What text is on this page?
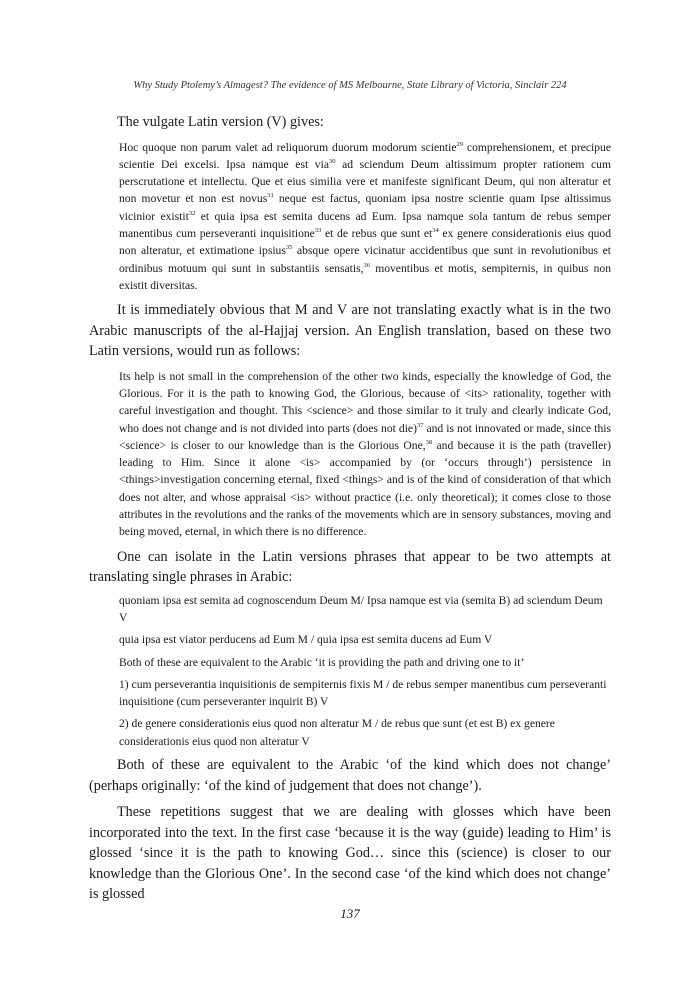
Why Study Ptolemy’s Almagest? The evidence of MS Melbourne, State Library of Victoria, Sinclair 224

The vulgate Latin version (V) gives:

Hoc quoque non parum valet ad reliquorum duorum modorum scientie$^{29}$ comprehensionem, et precipue scientie Dei excelsi. Ipsa namque est via$^{30}$ ad sciendum Deum altissimum propter rationem cum perscrutatione et intellectu. Que et eius similia vere et manifeste significant Deum, qui non alteratur et non movetur et non est novus$^{31}$ neque est factus, quoniam ipsa nostre scientie quam Ipse altissimus vicinior existit$^{32}$ et quia ipsa est semita ducens ad Eum. Ipsa namque sola tantum de rebus semper manentibus cum perseveranti inquisitione$^{33}$ et de rebus que sunt $et^{34}$ ex genere considerationis eius quod non alteratur, et extimatione ipsius$^{35}$ absque opere vicinatur accidentibus que sunt in revolutionibus et ordinibus motuum qui sunt in substantiis sensatis,$^{36}$ moventibus et motis, sempiternis, in quibus non existit diversitas.

It is immediately obvious that M and V are not translating exactly what is in the two Arabic manuscripts of the al-Hajjaj version. An English translation, based on these two Latin versions, would run as follows:

Its help is not small in the comprehension of the other two kinds, especially the knowledge of God, the Glorious. For it is the path to knowing God, the Glorious, because of <its> rationality, together with careful investigation and thought. This <science> and those similar to it truly and clearly indicate God, who does not change and is not divided into parts (does not die)$^{37}$ and is not innovated or made, since this <science> is closer to our knowledge than is the Glorious One,$^{38}$ and because it is the path (traveller) leading to Him. Since it alone <is> accompanied by (or ‘occurs through’) persistence in <things>investigation concerning eternal, fixed <things> and is of the kind of consideration of that which does not alter, and whose appraisal <is> without practice (i.e. only theoretical); it comes close to those attributes in the revolutions and the ranks of the movements which are in sensory substances, moving and being moved, eternal, in which there is no difference.

One can isolate in the Latin versions phrases that appear to be two attempts at translating single phrases in Arabic:

quoniam ipsa est semita ad cognoscendum Deum M/ Ipsa namque est via (semita B) ad sciendum Deum V
quia ipsa est viator perducens ad Eum M / quia ipsa est semita ducens ad Eum V
Both of these are equivalent to the Arabic ‘it is providing the path and driving one to it’
1) cum perseverantia inquisitionis de sempiternis fixis M / de rebus semper manentibus cum perseveranti inquisitione (cum perseveranter inquirit B) V
2) de genere considerationis eius quod non alteratur M / de rebus que sunt (et est B) ex genere considerationis eius quod non alteratur V

Both of these are equivalent to the Arabic ‘of the kind which does not change’ (perhaps originally: ‘of the kind of judgement that does not change’).

These repetitions suggest that we are dealing with glosses which have been incorporated into the text. In the first case ‘because it is the way (guide) leading to Him’ is glossed ‘since it is the path to knowing God… since this (science) is closer to our knowledge than the Glorious One’. In the second case ‘of the kind which does not change’ is glossed

137
